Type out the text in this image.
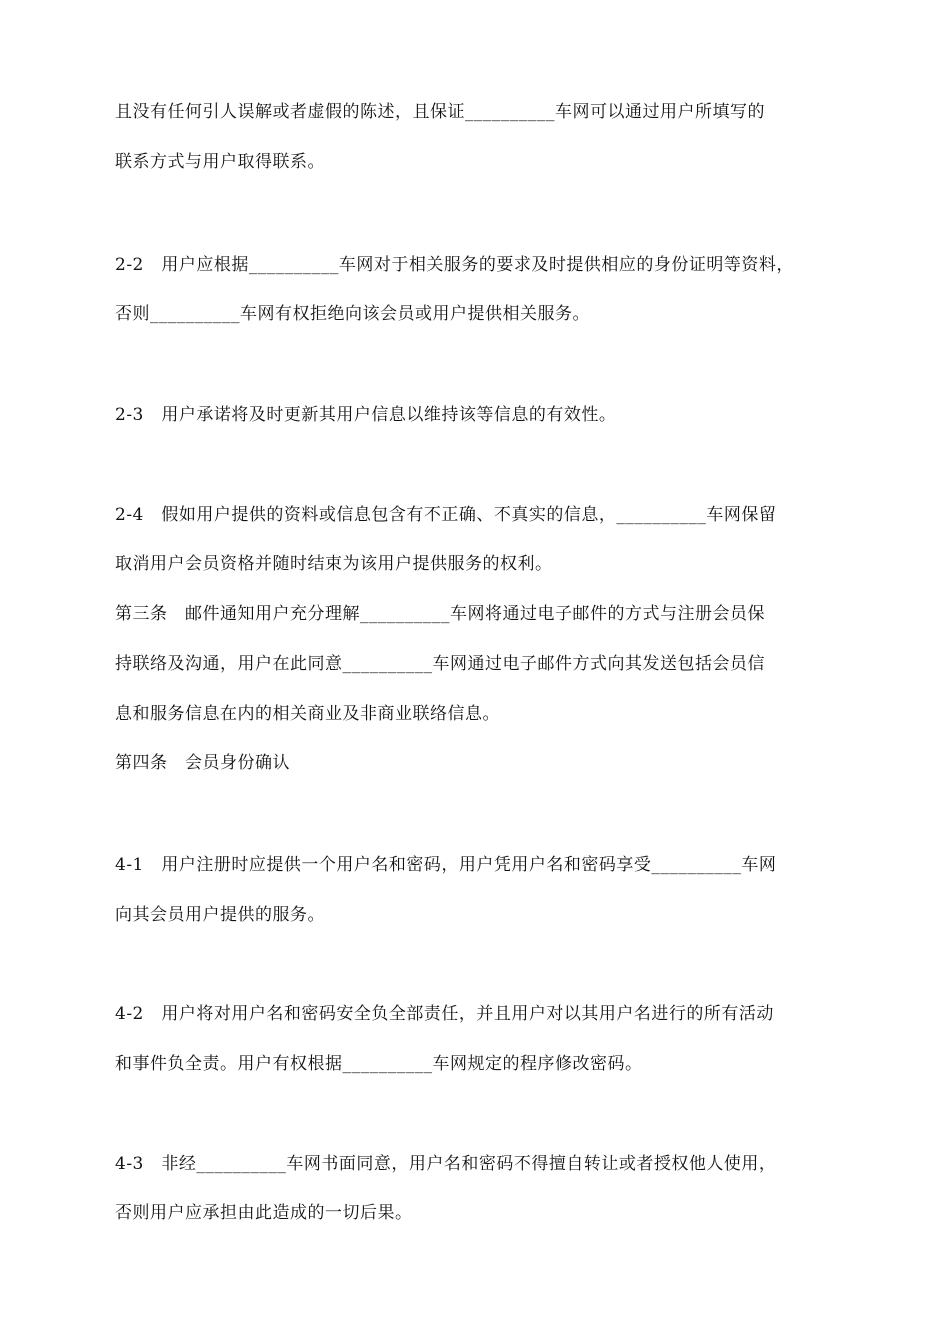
且没有任何引人误解或者虚假的陈述，且保证__________车网可以通过用户所填写的
联系方式与用户取得联系。
2-2　用户应根据__________车网对于相关服务的要求及时提供相应的身份证明等资料，
否则__________车网有权拒绝向该会员或用户提供相关服务。
2-3　用户承诺将及时更新其用户信息以维持该等信息的有效性。
2-4　假如用户提供的资料或信息包含有不正确、不真实的信息，__________车网保留
取消用户会员资格并随时结束为该用户提供服务的权利。
第三条　邮件通知用户充分理解__________车网将通过电子邮件的方式与注册会员保
持联络及沟通，用户在此同意__________车网通过电子邮件方式向其发送包括会员信
息和服务信息在内的相关商业及非商业联络信息。
第四条　会员身份确认
4-1　用户注册时应提供一个用户名和密码，用户凭用户名和密码享受__________车网
向其会员用户提供的服务。
4-2　用户将对用户名和密码安全负全部责任，并且用户对以其用户名进行的所有活动
和事件负全责。用户有权根据__________车网规定的程序修改密码。
4-3　非经__________车网书面同意，用户名和密码不得擅自转让或者授权他人使用，
否则用户应承担由此造成的一切后果。
